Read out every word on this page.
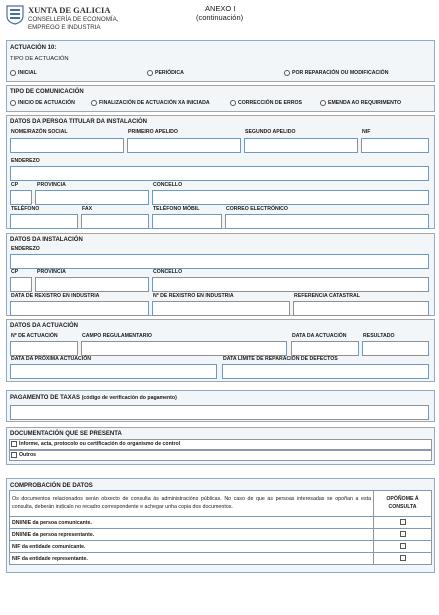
XUNTA DE GALICIA
CONSELLERÍA DE ECONOMÍA,
EMPREGO E INDUSTRIA
ANEXO I
(continuación)
ACTUACIÓN 10:
TIPO DE ACTUACIÓN
INICIAL	PERIÓDICA	POR REPARACIÓN OU MODIFICACIÓN
TIPO DE COMUNICACIÓN
INICIO DE ACTUACIÓN	FINALIZACIÓN DE ACTUACIÓN XA INICIADA	CORRECCIÓN DE ERROS	EMENDA AO REQUIRIMENTO
DATOS DA PERSOA TITULAR DA INSTALACIÓN
NOME/RAZÓN SOCIAL	PRIMEIRO APELIDO	SEGUNDO APELIDO	NIF
ENDEREZO
CP	PROVINCIA	CONCELLO
TELÉFONO	FAX	TELÉFONO MÓBIL	CORREO ELECTRÓNICO
DATOS DA INSTALACIÓN
ENDEREZO
CP	PROVINCIA	CONCELLO
DATA DE REXISTRO EN INDUSTRIA	Nº DE REXISTRO EN INDUSTRIA	REFERENCIA CATASTRAL
DATOS DA ACTUACIÓN
Nº DE ACTUACIÓN	CAMPO REGULAMENTARIO	DATA DA ACTUACIÓN	RESULTADO
DATA DA PRÓXIMA ACTUACIÓN	DATA LÍMITE DE REPARACIÓN DE DEFECTOS
PAGAMENTO DE TAXAS (código de verificación do pagamento)
DOCUMENTACIÓN QUE SE PRESENTA
Informe, acta, protocolo ou certificación do organismo de control
Outros
COMPROBACIÓN DE DATOS
Os documentos relacionados serán obxecto de consulta ás administracións públicas. No caso de que as persoas interesadas se opoñan a esta consulta, deberán indicalo no recadro correspondente e achegar unha copia dos documentos.	OPÓÑOME Á CONSULTA
DNI/NIE da persoa comunicante.	
DNI/NIE da persoa representante.	
NIF da entidade comunicante.	
NIF da entidade representante.	
